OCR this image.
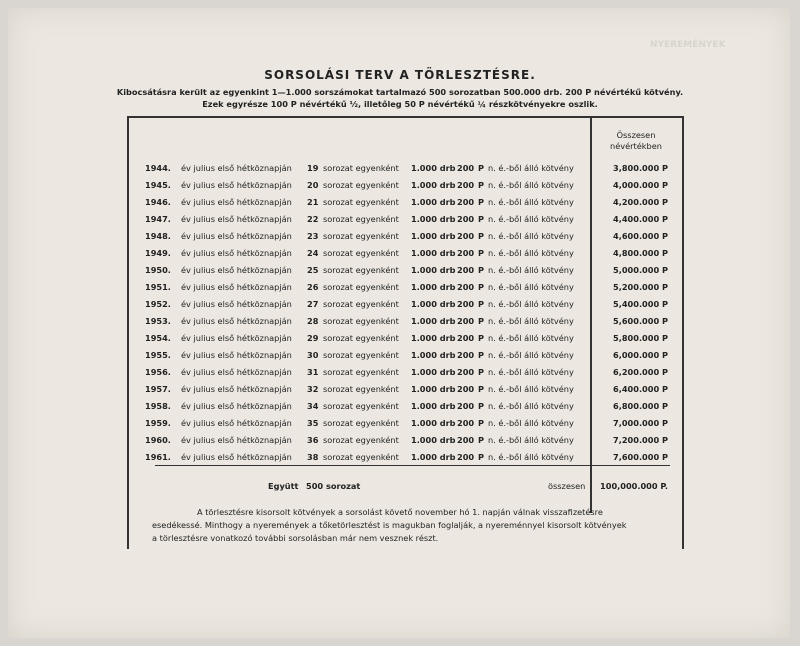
NYEREMÉNYEK
SORSOLÁSI TERV A TÖRLESZTÉSRE.
Kibocsátásra került az egyenkint 1—1.000 sorszámokat tartalmazó 500 sorozatban 500.000 drb. 200 P névértékű kötvény.
Ezek egyrésze 100 P névértékű ½, illetőleg 50 P névértékű ¼ részkötvényekre oszlik.
Összesen névértékben
1944. év julius első hétköznapján 19 sorozat egyenként 1.000 drb 200 P n. é.-ből álló kötvény	3,800.000 P
1945. év julius első hétköznapján 20 sorozat egyenként 1.000 drb 200 P n. é.-ből álló kötvény	4,000.000 P
1946. év julius első hétköznapján 21 sorozat egyenként 1.000 drb 200 P n. é.-ből álló kötvény	4,200.000 P
1947. év julius első hétköznapján 22 sorozat egyenként 1.000 drb 200 P n. é.-ből álló kötvény	4,400.000 P
1948. év julius első hétköznapján 23 sorozat egyenként 1.000 drb 200 P n. é.-ből álló kötvény	4,600.000 P
1949. év julius első hétköznapján 24 sorozat egyenként 1.000 drb 200 P n. é.-ből álló kötvény	4,800.000 P
1950. év julius első hétköznapján 25 sorozat egyenként 1.000 drb 200 P n. é.-ből álló kötvény	5,000.000 P
1951. év julius első hétköznapján 26 sorozat egyenként 1.000 drb 200 P n. é.-ből álló kötvény	5,200.000 P
1952. év julius első hétköznapján 27 sorozat egyenként 1.000 drb 200 P n. é.-ből álló kötvény	5,400.000 P
1953. év julius első hétköznapján 28 sorozat egyenként 1.000 drb 200 P n. é.-ből álló kötvény	5,600.000 P
1954. év julius első hétköznapján 29 sorozat egyenként 1.000 drb 200 P n. é.-ből álló kötvény	5,800.000 P
1955. év julius első hétköznapján 30 sorozat egyenként 1.000 drb 200 P n. é.-ből álló kötvény	6,000.000 P
1956. év julius első hétköznapján 31 sorozat egyenként 1.000 drb 200 P n. é.-ből álló kötvény	6,200.000 P
1957. év julius első hétköznapján 32 sorozat egyenként 1.000 drb 200 P n. é.-ből álló kötvény	6,400.000 P
1958. év julius első hétköznapján 34 sorozat egyenként 1.000 drb 200 P n. é.-ből álló kötvény	6,800.000 P
1959. év julius első hétköznapján 35 sorozat egyenként 1.000 drb 200 P n. é.-ből álló kötvény	7,000.000 P
1960. év julius első hétköznapján 36 sorozat egyenként 1.000 drb 200 P n. é.-ből álló kötvény	7,200.000 P
1961. év julius első hétköznapján 38 sorozat egyenként 1.000 drb 200 P n. é.-ből álló kötvény	7,600.000 P
Együtt 500 sorozat	összesen 100,000.000 P.
A törlesztésre kisorsolt kötvények a sorsolást követő november hó 1. napján válnak visszafizetésre
esedékessé. Minthogy a nyeremények a tőketörlesztést is magukban foglalják, a nyereménnyel kisorsolt kötvények
a törlesztésre vonatkozó további sorsolásban már nem vesznek részt.
